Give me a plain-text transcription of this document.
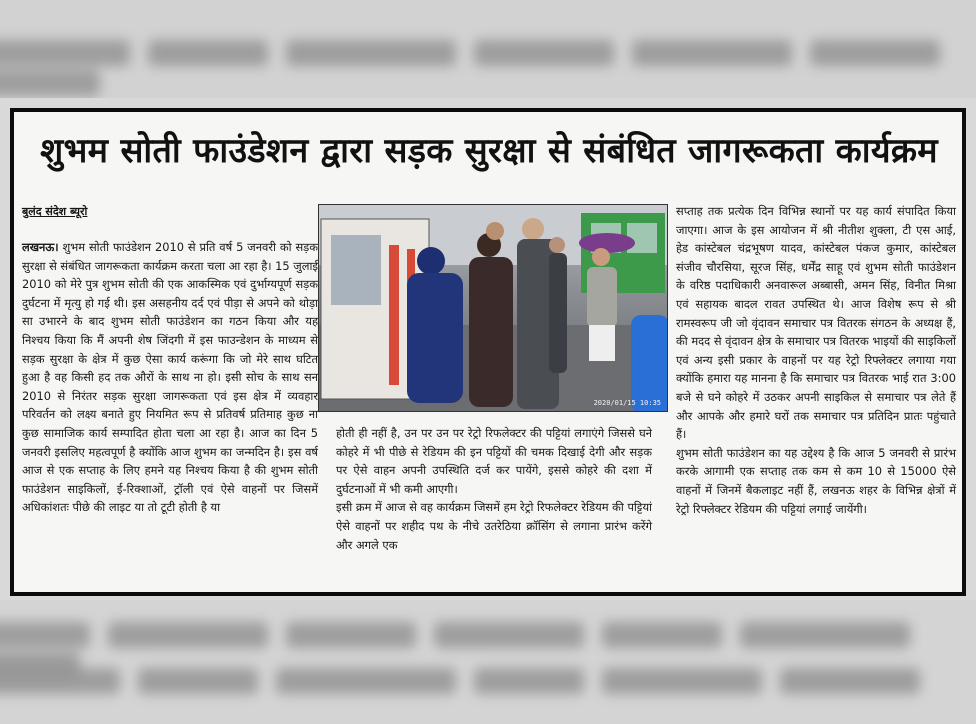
शुभम सोती फाउंडेशन द्वारा सड़क सुरक्षा से संबंधित जागरूकता कार्यक्रम
बुलंद संदेश ब्यूरो

लखनऊ। शुभम सोती फाउंडेशन 2010 से प्रति वर्ष 5 जनवरी को सड़क सुरक्षा से संबंधित जागरूकता कार्यक्रम करता चला आ रहा है। 15 जुलाई 2010 को मेरे पुत्र शुभम सोती की एक आकस्मिक एवं दुर्भाग्यपूर्ण सड़क दुर्घटना में मृत्यु हो गई थी। इस असहनीय दर्द एवं पीड़ा से अपने को थोड़ा सा उभारने के बाद शुभम सोती फाउंडेशन का गठन किया और यह निश्चय किया कि मैं अपनी शेष जिंदगी में इस फाउन्डेशन के माध्यम से सड़क सुरक्षा के क्षेत्र में कुछ ऐसा कार्य करूंगा कि जो मेरे साथ घटित हुआ है वह किसी हद तक औरों के साथ ना हो। इसी सोच के साथ सन 2010 से निरंतर सड़क सुरक्षा जागरूकता एवं इस क्षेत्र में व्यवहार परिवर्तन को लक्ष्य बनाते हुए नियमित रूप से प्रतिवर्ष प्रतिमाह कुछ ना कुछ सामाजिक कार्य सम्पादित होता चला आ रहा है। आज का दिन 5 जनवरी इसलिए महत्वपूर्ण है क्योंकि आज शुभम का जन्मदिन है। इस वर्ष आज से एक सप्ताह के लिए हमने यह निश्चय किया है की शुभम सोती फाउंडेशन साइकिलों, ई-रिक्शाओं, ट्रॉली एवं ऐसे वाहनों पर जिसमें अधिकांशतः पीछे की लाइट या तो टूटी होती है या

2020/01/15 10:35

होती ही नहीं है, उन पर उन पर रेट्रो रिफलेक्टर की पट्टियां लगाएंगे जिससे घने कोहरे में भी पीछे से रेडियम की इन पट्टियों की चमक दिखाई देगी और सड़क पर ऐसे वाहन अपनी उपस्थिति दर्ज कर पायेंगे, इससे कोहरे की दशा में दुर्घटनाओं में भी कमी आएगी।

इसी क्रम में आज से वह कार्यक्रम जिसमें हम रेट्रो रिफलेक्टर रेडियम की पट्टियां ऐसे वाहनों पर शहीद पथ के नीचे उतरेठिया क्रॉसिंग से लगाना प्रारंभ करेंगे और अगले एक

सप्ताह तक प्रत्येक दिन विभिन्न स्थानों पर यह कार्य संपादित किया जाएगा। आज के इस आयोजन में श्री नीतीश शुक्ला, टी एस आई, हेड कांस्टेबल चंद्रभूषण यादव, कांस्टेबल पंकज कुमार, कांस्टेबल संजीव चौरसिया, सूरज सिंह, धर्मेंद्र साहू एवं शुभम सोती फाउंडेशन के वरिष्ठ पदाधिकारी अनवारूल अब्बासी, अमन सिंह, विनीत मिश्रा एवं सहायक बादल रावत उपस्थित थे। आज विशेष रूप से श्री रामस्वरूप जी जो वृंदावन समाचार पत्र वितरक संगठन के अध्यक्ष हैं, की मदद से वृंदावन क्षेत्र के समाचार पत्र वितरक भाइयों की साइकिलों एवं अन्य इसी प्रकार के वाहनों पर यह रेट्रो रिफ्लेक्टर लगाया गया क्योंकि हमारा यह मानना है कि समाचार पत्र वितरक भाई रात 3:00 बजे से घने कोहरे में उठकर अपनी साइकिल से समाचार पत्र लेते हैं और आपके और हमारे घरों तक समाचार पत्र प्रतिदिन प्रातः पहुंचाते हैं।

शुभम सोती फाउंडेशन का यह उद्देश्य है कि आज 5 जनवरी से प्रारंभ करके आगामी एक सप्ताह तक कम से कम 10 से 15000 ऐसे वाहनों में जिनमें बैकलाइट नहीं हैं, लखनऊ शहर के विभिन्न क्षेत्रों में रेट्रो रिफ्लेक्टर रेडियम की पट्टियां लगाई जायेंगी।
